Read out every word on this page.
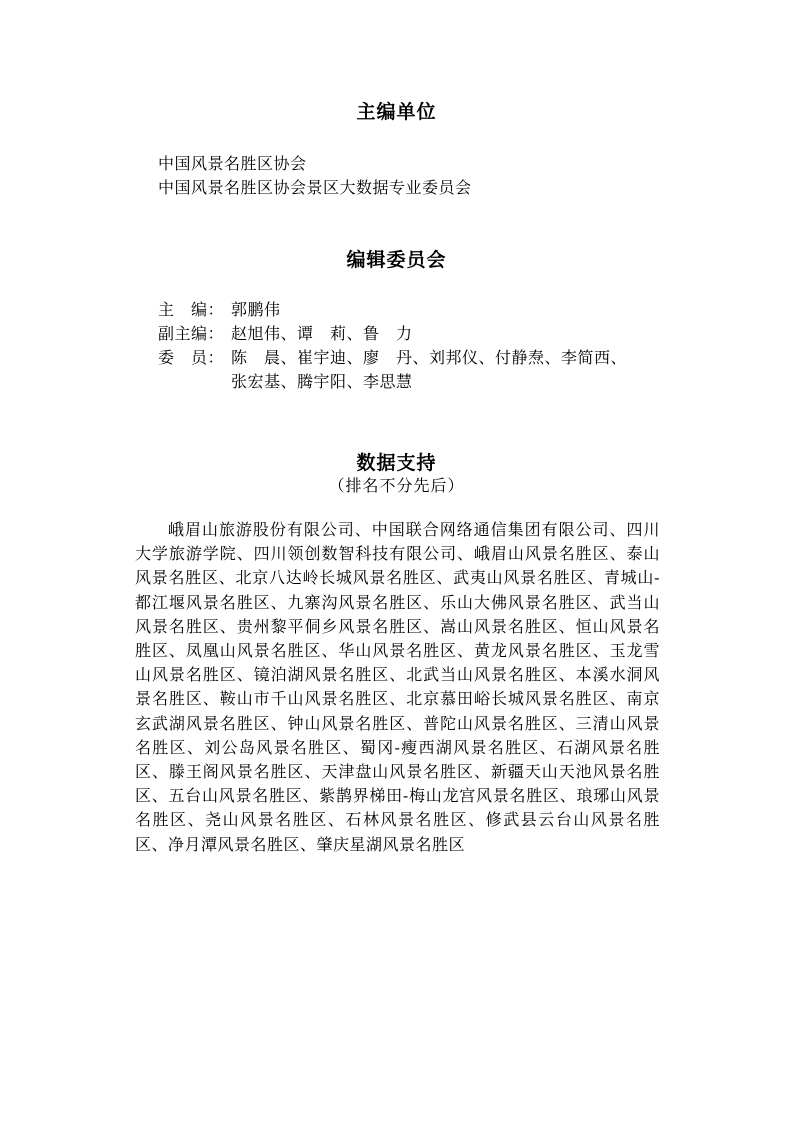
主编单位

中国风景名胜区协会

中国风景名胜区协会景区大数据专业委员会

编辑委员会
主　编： 郭鹏伟
副主编： 赵旭伟、谭　莉、鲁　力
委　员： 陈　晨、崔宇迪、廖　丹、刘邦仪、付静焘、李简西、
张宏基、腾宇阳、李思慧
数据支持

（排名不分先后）

峨眉山旅游股份有限公司、中国联合网络通信集团有限公司、四川大学旅游学院、四川领创数智科技有限公司、峨眉山风景名胜区、泰山风景名胜区、北京八达岭长城风景名胜区、武夷山风景名胜区、青城山-都江堰风景名胜区、九寨沟风景名胜区、乐山大佛风景名胜区、武当山风景名胜区、贵州黎平侗乡风景名胜区、嵩山风景名胜区、恒山风景名胜区、凤凰山风景名胜区、华山风景名胜区、黄龙风景名胜区、玉龙雪山风景名胜区、镜泊湖风景名胜区、北武当山风景名胜区、本溪水洞风景名胜区、鞍山市千山风景名胜区、北京慕田峪长城风景名胜区、南京玄武湖风景名胜区、钟山风景名胜区、普陀山风景名胜区、三清山风景名胜区、刘公岛风景名胜区、蜀冈-瘦西湖风景名胜区、石湖风景名胜区、滕王阁风景名胜区、天津盘山风景名胜区、新疆天山天池风景名胜区、五台山风景名胜区、紫鹊界梯田-梅山龙宫风景名胜区、琅琊山风景名胜区、尧山风景名胜区、石林风景名胜区、修武县云台山风景名胜区、净月潭风景名胜区、肇庆星湖风景名胜区
